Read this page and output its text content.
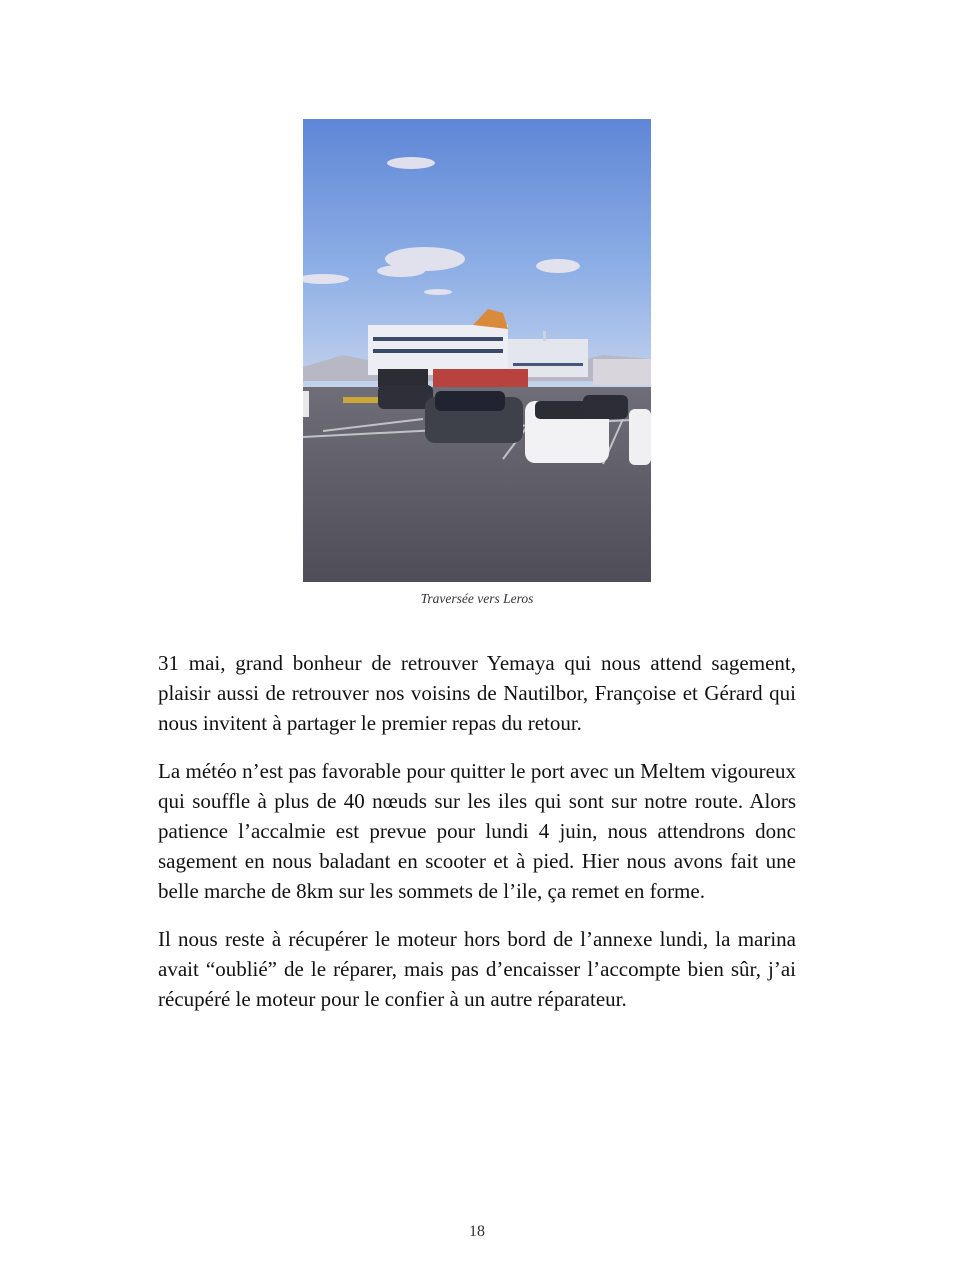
Traversée vers Leros

31 mai, grand bonheur de retrouver Yemaya qui nous attend sagement, plaisir aussi de retrouver nos voisins de Nautilbor, Françoise et Gérard qui nous invitent à partager le premier repas du retour.

La météo n’est pas favorable pour quitter le port avec un Meltem vigoureux qui souffle à plus de 40 nœuds sur les iles qui sont sur notre route. Alors patience l’accalmie est prevue pour lundi 4 juin, nous attendrons donc sagement en nous baladant en scooter et à pied. Hier nous avons fait une belle marche de 8km sur les sommets de l’ile, ça remet en forme.

Il nous reste à récupérer le moteur hors bord de l’annexe lundi, la marina avait “oublié” de le réparer, mais pas d’encaisser l’accompte bien sûr, j’ai récupéré le moteur pour le confier à un autre réparateur.

18
